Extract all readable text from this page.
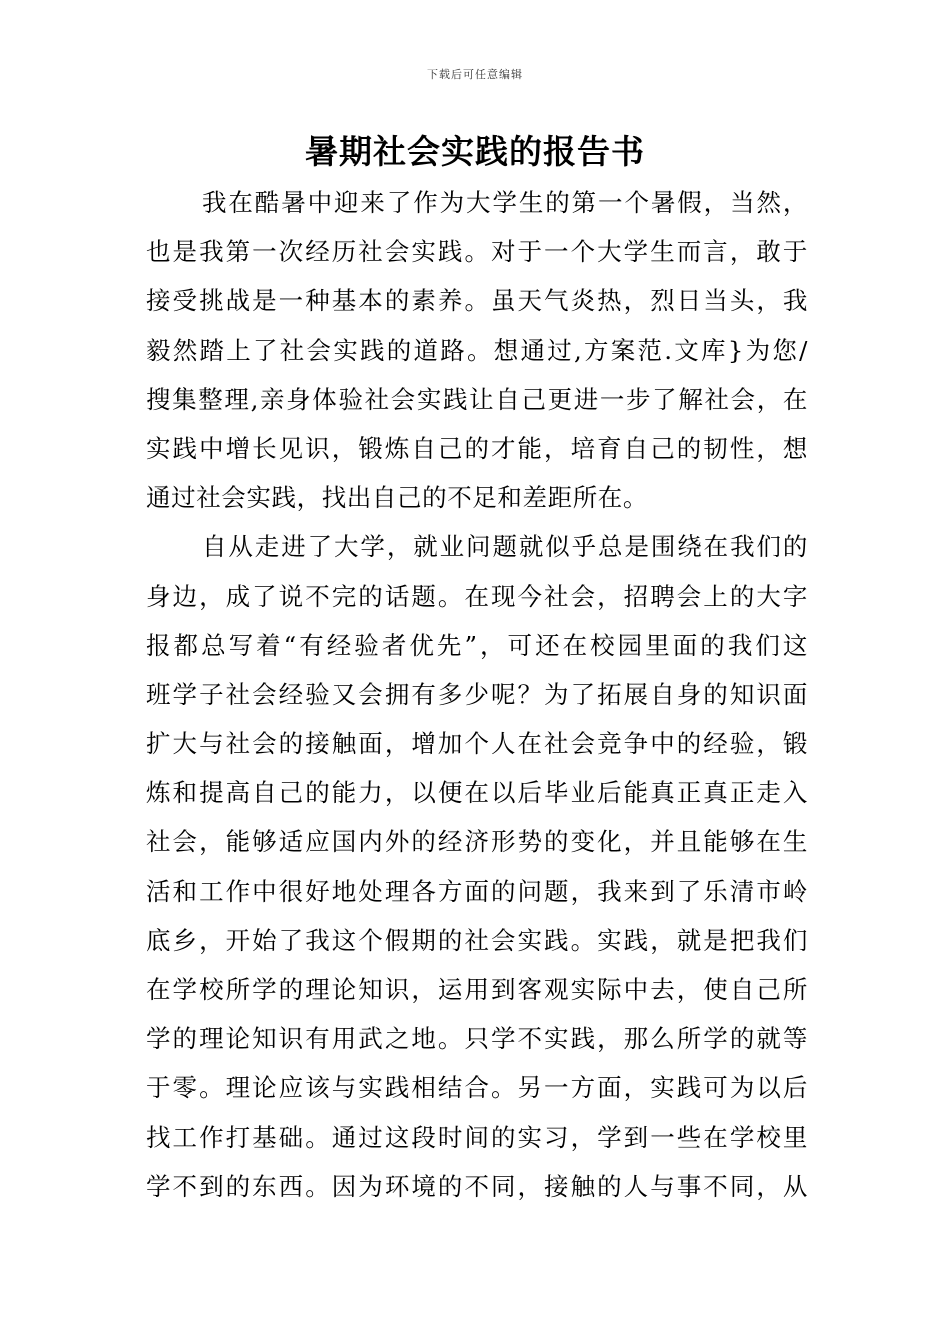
下载后可任意编辑
暑期社会实践的报告书
我在酷暑中迎来了作为大学生的第一个暑假，当然，
也是我第一次经历社会实践。对于一个大学生而言，敢于
接受挑战是一种基本的素养。虽天气炎热，烈日当头，我
毅然踏上了社会实践的道路。想通过,方案范.文库}为您/
搜集整理,亲身体验社会实践让自己更进一步了解社会，在
实践中增长见识，锻炼自己的才能，培育自己的韧性，想
通过社会实践，找出自己的不足和差距所在。
自从走进了大学，就业问题就似乎总是围绕在我们的
身边，成了说不完的话题。在现今社会，招聘会上的大字
报都总写着“有经验者优先”，可还在校园里面的我们这
班学子社会经验又会拥有多少呢？为了拓展自身的知识面
扩大与社会的接触面，增加个人在社会竞争中的经验，锻
炼和提高自己的能力，以便在以后毕业后能真正真正走入
社会，能够适应国内外的经济形势的变化，并且能够在生
活和工作中很好地处理各方面的问题，我来到了乐清市岭
底乡，开始了我这个假期的社会实践。实践，就是把我们
在学校所学的理论知识，运用到客观实际中去，使自己所
学的理论知识有用武之地。只学不实践，那么所学的就等
于零。理论应该与实践相结合。另一方面，实践可为以后
找工作打基础。通过这段时间的实习，学到一些在学校里
学不到的东西。因为环境的不同，接触的人与事不同，从
